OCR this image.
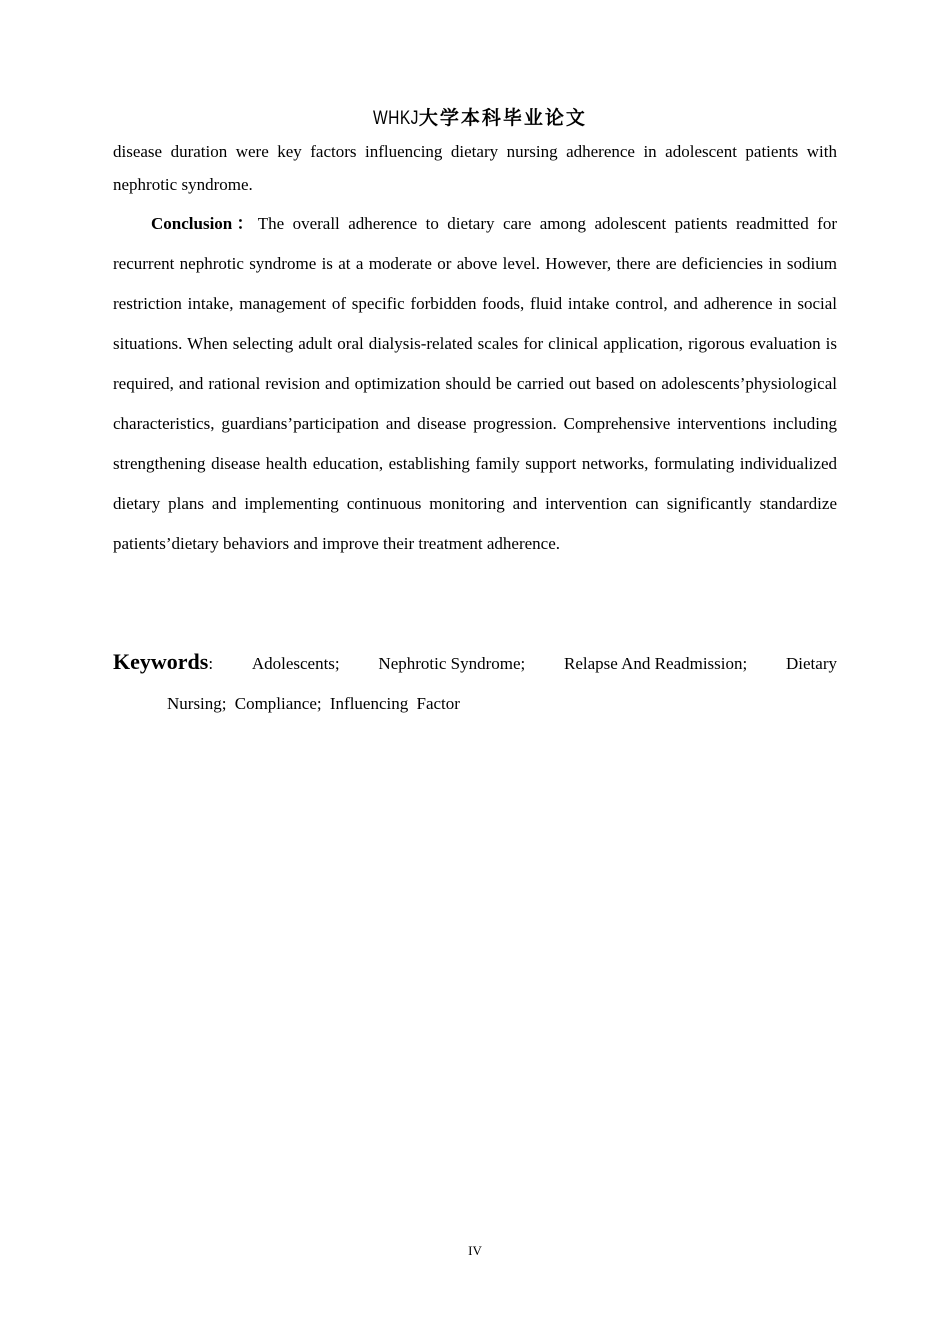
WHKJ大学本科毕业论文
disease duration were key factors influencing dietary nursing adherence in adolescent patients with nephrotic syndrome.
Conclusion：The overall adherence to dietary care among adolescent patients readmitted for recurrent nephrotic syndrome is at a moderate or above level. However, there are deficiencies in sodium restriction intake, management of specific forbidden foods, fluid intake control, and adherence in social situations. When selecting adult oral dialysis-related scales for clinical application, rigorous evaluation is required, and rational revision and optimization should be carried out based on adolescents’physiological characteristics, guardians’participation and disease progression. Comprehensive interventions including strengthening disease health education, establishing family support networks, formulating individualized dietary plans and implementing continuous monitoring and intervention can significantly standardize patients’dietary behaviors and improve their treatment adherence.
Keywords: Adolescents; Nephrotic Syndrome; Relapse And Readmission; Dietary
Nursing; Compliance; Influencing Factor
IV
